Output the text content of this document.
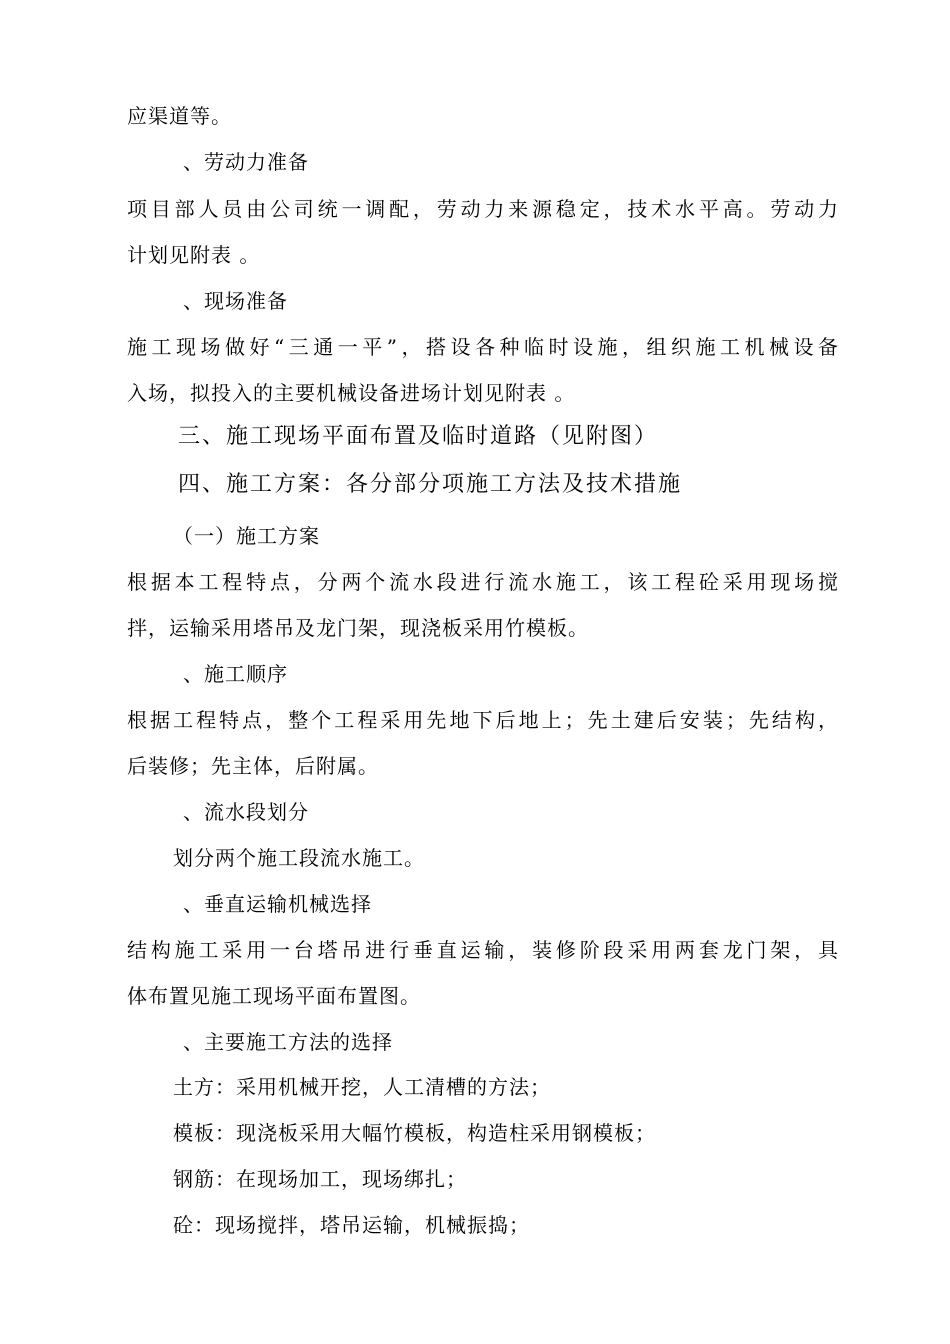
应渠道等。
、劳动力准备
项目部人员由公司统一调配，劳动力来源稳定，技术水平高。劳动力
计划见附表 。
、现场准备
施工现场做好“三通一平”，搭设各种临时设施，组织施工机械设备
入场，拟投入的主要机械设备进场计划见附表 。
三、施工现场平面布置及临时道路（见附图）
四、施工方案：各分部分项施工方法及技术措施
（一）施工方案
根据本工程特点，分两个流水段进行流水施工，该工程砼采用现场搅
拌，运输采用塔吊及龙门架，现浇板采用竹模板。
、施工顺序
根据工程特点，整个工程采用先地下后地上；先土建后安装；先结构，
后装修；先主体，后附属。
、流水段划分
划分两个施工段流水施工。
、垂直运输机械选择
结构施工采用一台塔吊进行垂直运输，装修阶段采用两套龙门架，具
体布置见施工现场平面布置图。
、主要施工方法的选择
土方：采用机械开挖，人工清槽的方法；
模板：现浇板采用大幅竹模板，构造柱采用钢模板；
钢筋：在现场加工，现场绑扎；
砼：现场搅拌，塔吊运输，机械振捣；
